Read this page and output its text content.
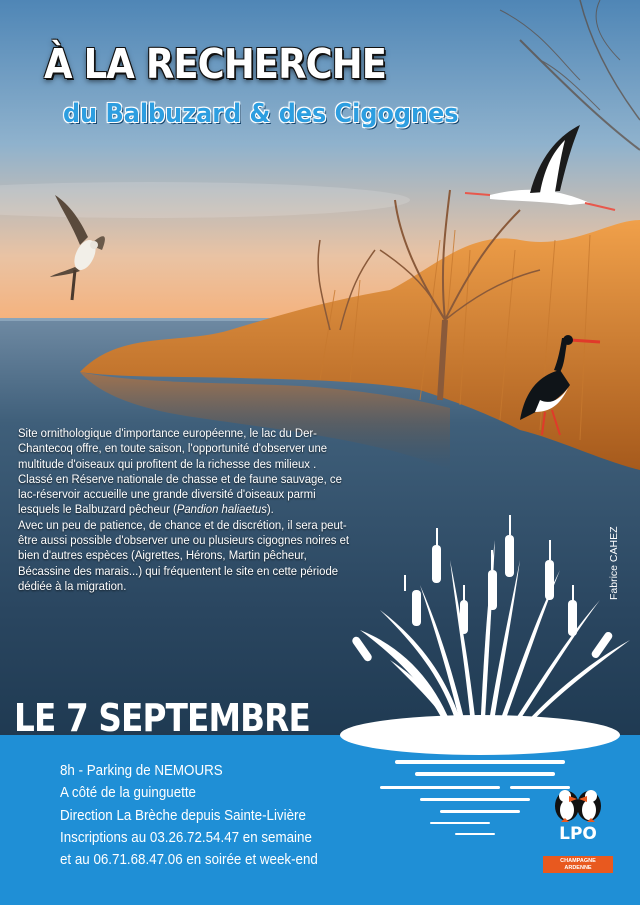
À LA RECHERCHE
du Balbuzard & des Cigognes

Site ornithologique d'importance européenne, le lac du Der-Chantecoq offre, en toute saison, l'opportunité d'observer une multitude d'oiseaux qui profitent de la richesse des milieux .

Classé en Réserve nationale de chasse et de faune sauvage, ce lac-réservoir accueille une grande diversité d'oiseaux parmi lesquels le Balbuzard pêcheur (Pandion haliaetus).

Avec un peu de patience, de chance et de discrétion, il sera peut-être aussi possible d'observer une ou plusieurs cigognes noires et bien d'autres espèces (Aigrettes, Hérons, Martin pêcheur, Bécassine des marais...) qui fréquentent le site en cette période dédiée à la migration.	Fabrice CAHEZ
LE 7 SEPTEMBRE
8h - Parking de NEMOURS
A côté de la guinguette
Direction La Brèche depuis Sainte-Livière
Inscriptions au 03.26.72.54.47 en semaine
et au 06.71.68.47.06 en soirée et week-end
LPO
CHAMPAGNE
ARDENNE
